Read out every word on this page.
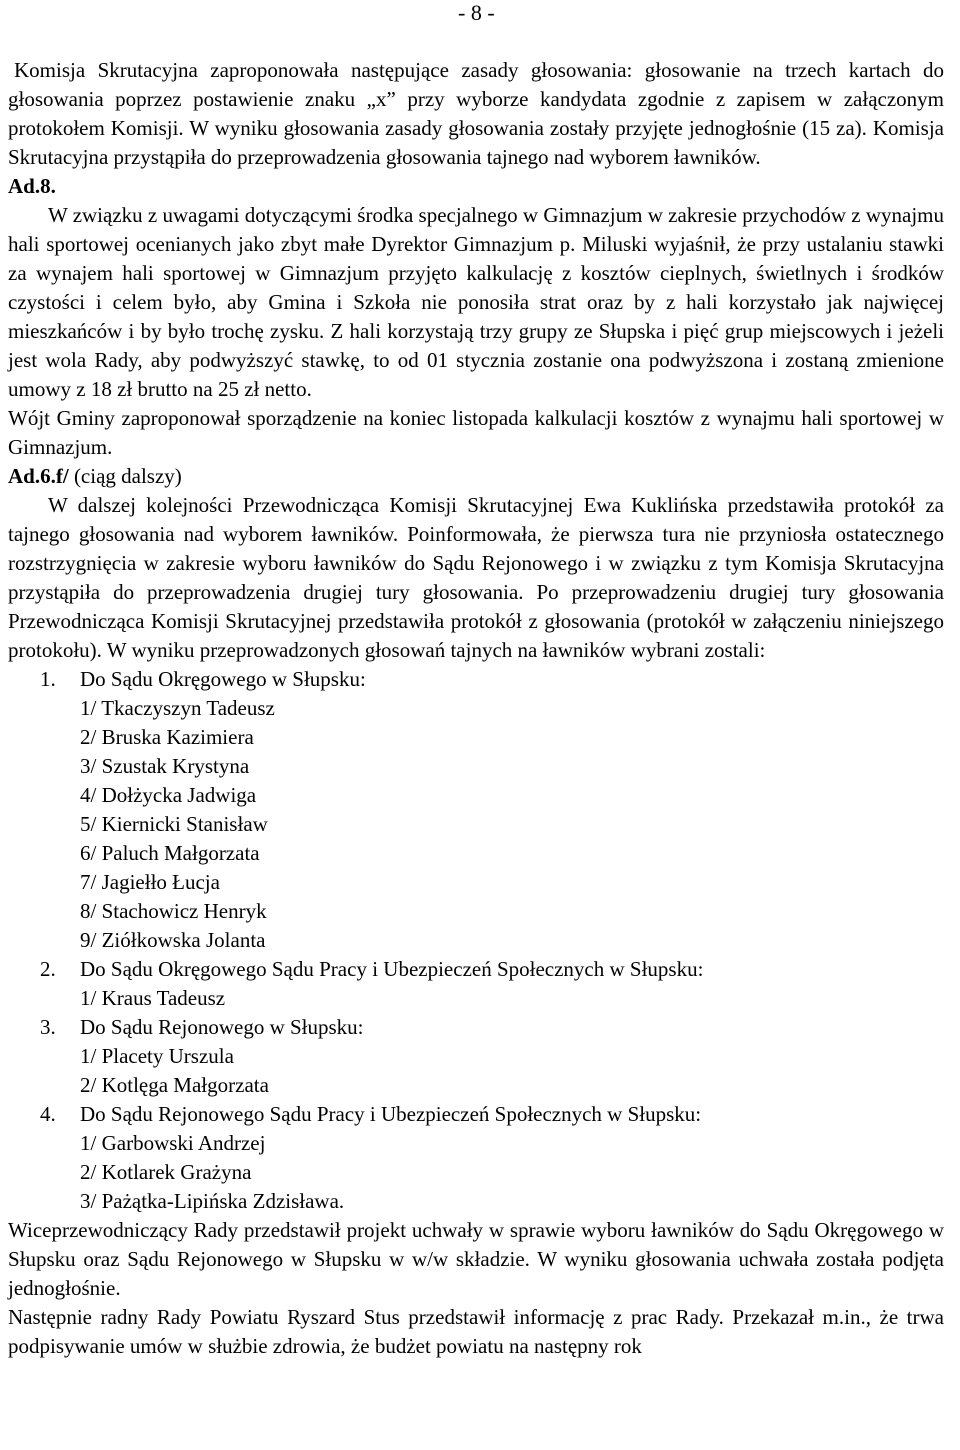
- 8 -

Komisja Skrutacyjna zaproponowała następujące zasady głosowania: głosowanie na trzech kartach do głosowania poprzez postawienie znaku „x” przy wyborze kandydata zgodnie z zapisem w załączonym protokołem Komisji. W wyniku głosowania zasady głosowania zostały przyjęte jednogłośnie (15 za). Komisja Skrutacyjna przystąpiła do przeprowadzenia głosowania tajnego nad wyborem ławników.

Ad.8.

W związku z uwagami dotyczącymi środka specjalnego w Gimnazjum w zakresie przychodów z wynajmu hali sportowej ocenianych jako zbyt małe Dyrektor Gimnazjum p. Miluski wyjaśnił, że przy ustalaniu stawki za wynajem hali sportowej w Gimnazjum przyjęto kalkulację z kosztów cieplnych, świetlnych i środków czystości i celem było, aby Gmina i Szkoła nie ponosiła strat oraz by z hali korzystało jak najwięcej mieszkańców i by było trochę zysku. Z hali korzystają trzy grupy ze Słupska i pięć grup miejscowych i jeżeli jest wola Rady, aby podwyższyć stawkę, to od 01 stycznia zostanie ona podwyższona i zostaną zmienione umowy z 18 zł brutto na 25 zł netto.

Wójt Gminy zaproponował sporządzenie na koniec listopada kalkulacji kosztów z wynajmu hali sportowej w Gimnazjum.

Ad.6.f/ (ciąg dalszy)

W dalszej kolejności Przewodnicząca Komisji Skrutacyjnej Ewa Kuklińska przedstawiła protokół za tajnego głosowania nad wyborem ławników. Poinformowała, że pierwsza tura nie przyniosła ostatecznego rozstrzygnięcia w zakresie wyboru ławników do Sądu Rejonowego i w związku z tym Komisja Skrutacyjna przystąpiła do przeprowadzenia drugiej tury głosowania. Po przeprowadzeniu drugiej tury głosowania Przewodnicząca Komisji Skrutacyjnej przedstawiła protokół z głosowania (protokół w załączeniu niniejszego protokołu). W wyniku przeprowadzonych głosowań tajnych na ławników wybrani zostali:

1. Do Sądu Okręgowego w Słupsku:
1/ Tkaczyszyn Tadeusz
2/ Bruska Kazimiera
3/ Szustak Krystyna
4/ Dołżycka Jadwiga
5/ Kiernicki Stanisław
6/ Paluch Małgorzata
7/ Jagiełło Łucja
8/ Stachowicz Henryk
9/ Ziółkowska Jolanta
2. Do Sądu Okręgowego Sądu Pracy i Ubezpieczeń Społecznych w Słupsku:
1/ Kraus Tadeusz
3. Do Sądu Rejonowego w Słupsku:
1/ Placety Urszula
2/ Kotlęga Małgorzata
4. Do Sądu Rejonowego Sądu Pracy i Ubezpieczeń Społecznych w Słupsku:
1/ Garbowski Andrzej
2/ Kotlarek Grażyna
3/ Pażątka-Lipińska Zdzisława.

Wiceprzewodniczący Rady przedstawił projekt uchwały w sprawie wyboru ławników do Sądu Okręgowego w Słupsku oraz Sądu Rejonowego w Słupsku w w/w składzie. W wyniku głosowania uchwała została podjęta jednogłośnie.

Następnie radny Rady Powiatu Ryszard Stus przedstawił informację z prac Rady. Przekazał m.in., że trwa podpisywanie umów w służbie zdrowia, że budżet powiatu na następny rok
